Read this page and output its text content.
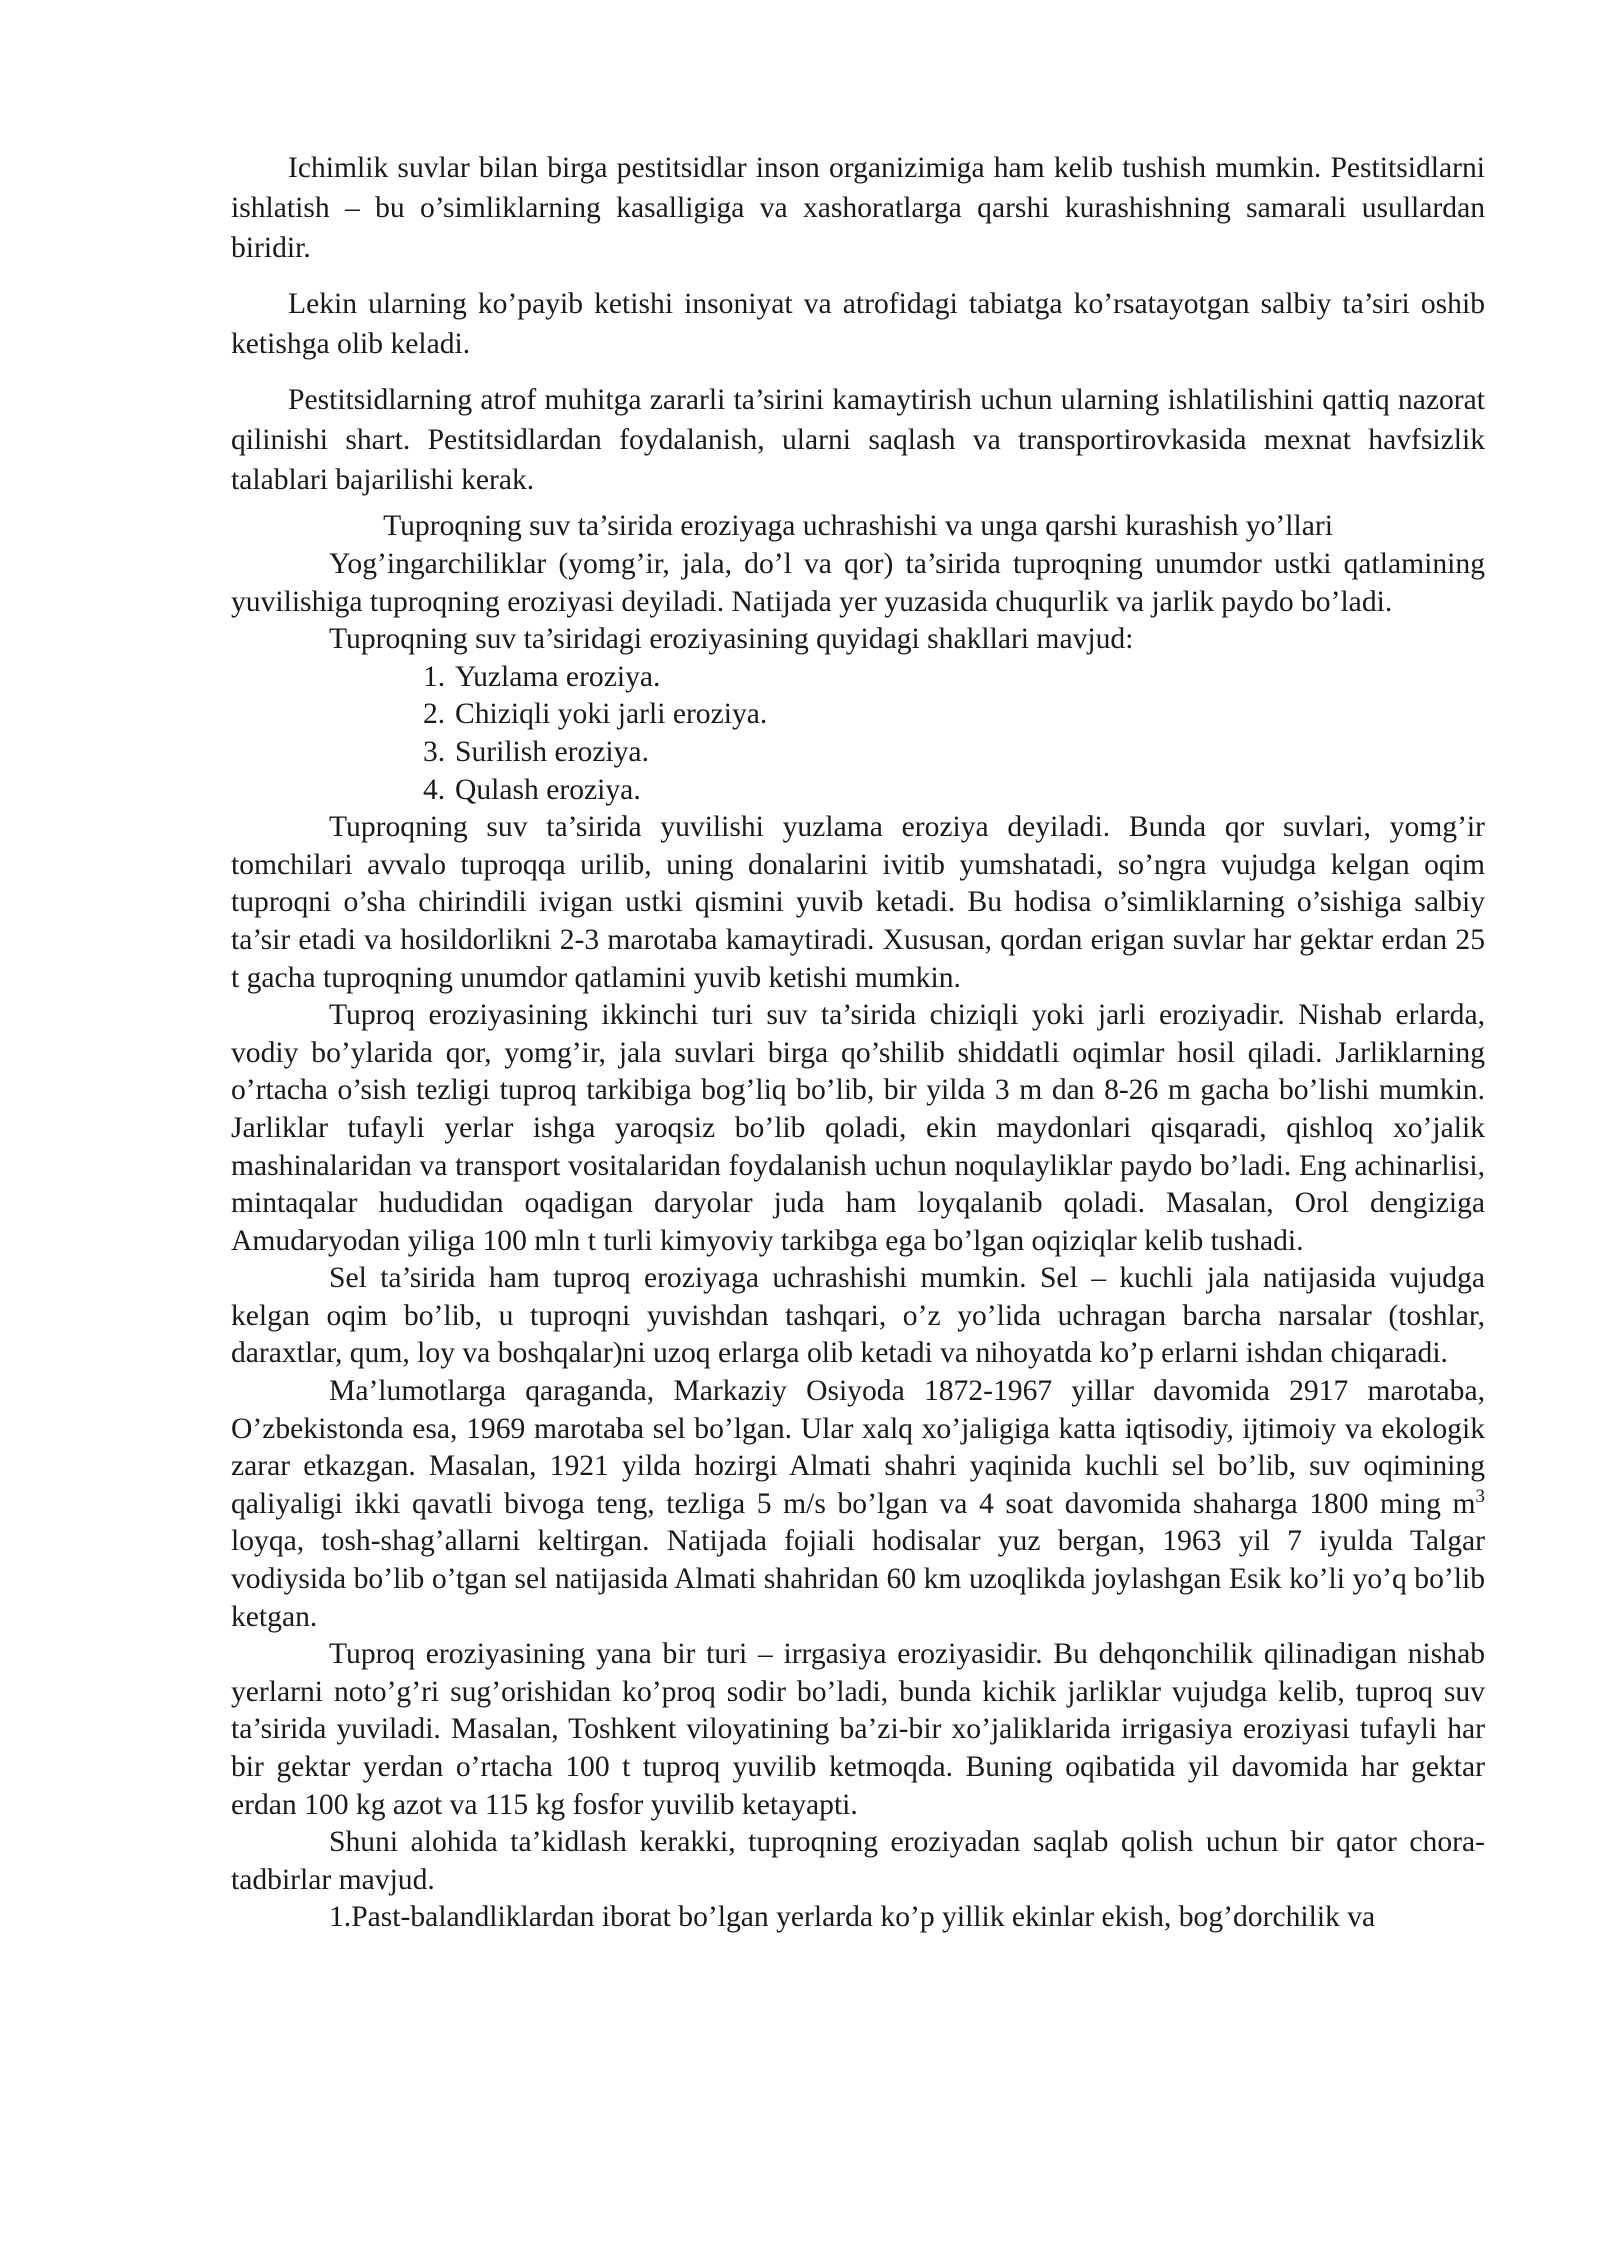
Ichimlik suvlar bilan birga pestitsidlar inson organizimiga ham kelib tushish mumkin. Pestitsidlarni ishlatish – bu o’simliklarning kasalligiga va xashoratlarga qarshi kurashishning samarali usullardan biridir.

Lekin ularning ko’payib ketishi insoniyat va atrofidagi tabiatga ko’rsatayotgan salbiy ta’siri oshib ketishga olib keladi.

Pestitsidlarning atrof muhitga zararli ta’sirini kamaytirish uchun ularning ishlatilishini qattiq nazorat qilinishi shart. Pestitsidlardan foydalanish, ularni saqlash va transportirovkasida mexnat havfsizlik talablari bajarilishi kerak.

Tuproqning suv ta’sirida eroziyaga uchrashishi va unga qarshi kurashish yo’llari

Yog’ingarchiliklar (yomg’ir, jala, do’l va qor) ta’sirida tuproqning unumdor ustki qatlamining yuvilishiga tuproqning eroziyasi deyiladi. Natijada yer yuzasida chuqurlik va jarlik paydo bo’ladi.

Tuproqning suv ta’siridagi eroziyasining quyidagi shakllari mavjud:

1. Yuzlama eroziya.
2. Chiziqli yoki jarli eroziya.
3. Surilish eroziya.
4. Qulash eroziya.

Tuproqning suv ta’sirida yuvilishi yuzlama eroziya deyiladi. Bunda qor suvlari, yomg’ir tomchilari avvalo tuproqqa urilib, uning donalarini ivitib yumshatadi, so’ngra vujudga kelgan oqim tuproqni o’sha chirindili ivigan ustki qismini yuvib ketadi. Bu hodisa o’simliklarning o’sishiga salbiy ta’sir etadi va hosildorlikni 2-3 marotaba kamaytiradi. Xususan, qordan erigan suvlar har gektar erdan 25 t gacha tuproqning unumdor qatlamini yuvib ketishi mumkin.

Tuproq eroziyasining ikkinchi turi suv ta’sirida chiziqli yoki jarli eroziyadir. Nishab erlarda, vodiy bo’ylarida qor, yomg’ir, jala suvlari birga qo’shilib shiddatli oqimlar hosil qiladi. Jarliklarning o’rtacha o’sish tezligi tuproq tarkibiga bog’liq bo’lib, bir yilda 3 m dan 8-26 m gacha bo’lishi mumkin. Jarliklar tufayli yerlar ishga yaroqsiz bo’lib qoladi, ekin maydonlari qisqaradi, qishloq xo’jalik mashinalaridan va transport vositalaridan foydalanish uchun noqulayliklar paydo bo’ladi. Eng achinarlisi, mintaqalar hududidan oqadigan daryolar juda ham loyqalanib qoladi. Masalan, Orol dengiziga Amudaryodan yiliga 100 mln t turli kimyoviy tarkibga ega bo’lgan oqiziqlar kelib tushadi.

Sel ta’sirida ham tuproq eroziyaga uchrashishi mumkin. Sel – kuchli jala natijasida vujudga kelgan oqim bo’lib, u tuproqni yuvishdan tashqari, o’z yo’lida uchragan barcha narsalar (toshlar, daraxtlar, qum, loy va boshqalar)ni uzoq erlarga olib ketadi va nihoyatda ko’p erlarni ishdan chiqaradi.

Ma’lumotlarga qaraganda, Markaziy Osiyoda 1872-1967 yillar davomida 2917 marotaba, O’zbekistonda esa, 1969 marotaba sel bo’lgan. Ular xalq xo’jaligiga katta iqtisodiy, ijtimoiy va ekologik zarar etkazgan. Masalan, 1921 yilda hozirgi Almati shahri yaqinida kuchli sel bo’lib, suv oqimining qaliyaligi ikki qavatli bivoga teng, tezliga 5 m/s bo’lgan va 4 soat davomida shaharga 1800 ming $m^3$ loyqa, tosh-shag’allarni keltirgan. Natijada fojiali hodisalar yuz bergan, 1963 yil 7 iyulda Talgar vodiysida bo’lib o’tgan sel natijasida Almati shahridan 60 km uzoqlikda joylashgan Esik ko’li yo’q bo’lib ketgan.

Tuproq eroziyasining yana bir turi – irrgasiya eroziyasidir. Bu dehqonchilik qilinadigan nishab yerlarni noto’g’ri sug’orishidan ko’proq sodir bo’ladi, bunda kichik jarliklar vujudga kelib, tuproq suv ta’sirida yuviladi. Masalan, Toshkent viloyatining ba’zi-bir xo’jaliklarida irrigasiya eroziyasi tufayli har bir gektar yerdan o’rtacha 100 t tuproq yuvilib ketmoqda. Buning oqibatida yil davomida har gektar erdan 100 kg azot va 115 kg fosfor yuvilib ketayapti.

Shuni alohida ta’kidlash kerakki, tuproqning eroziyadan saqlab qolish uchun bir qator chora-tadbirlar mavjud.

1.Past-balandliklardan iborat bo’lgan yerlarda ko’p yillik ekinlar ekish, bog’dorchilik va
